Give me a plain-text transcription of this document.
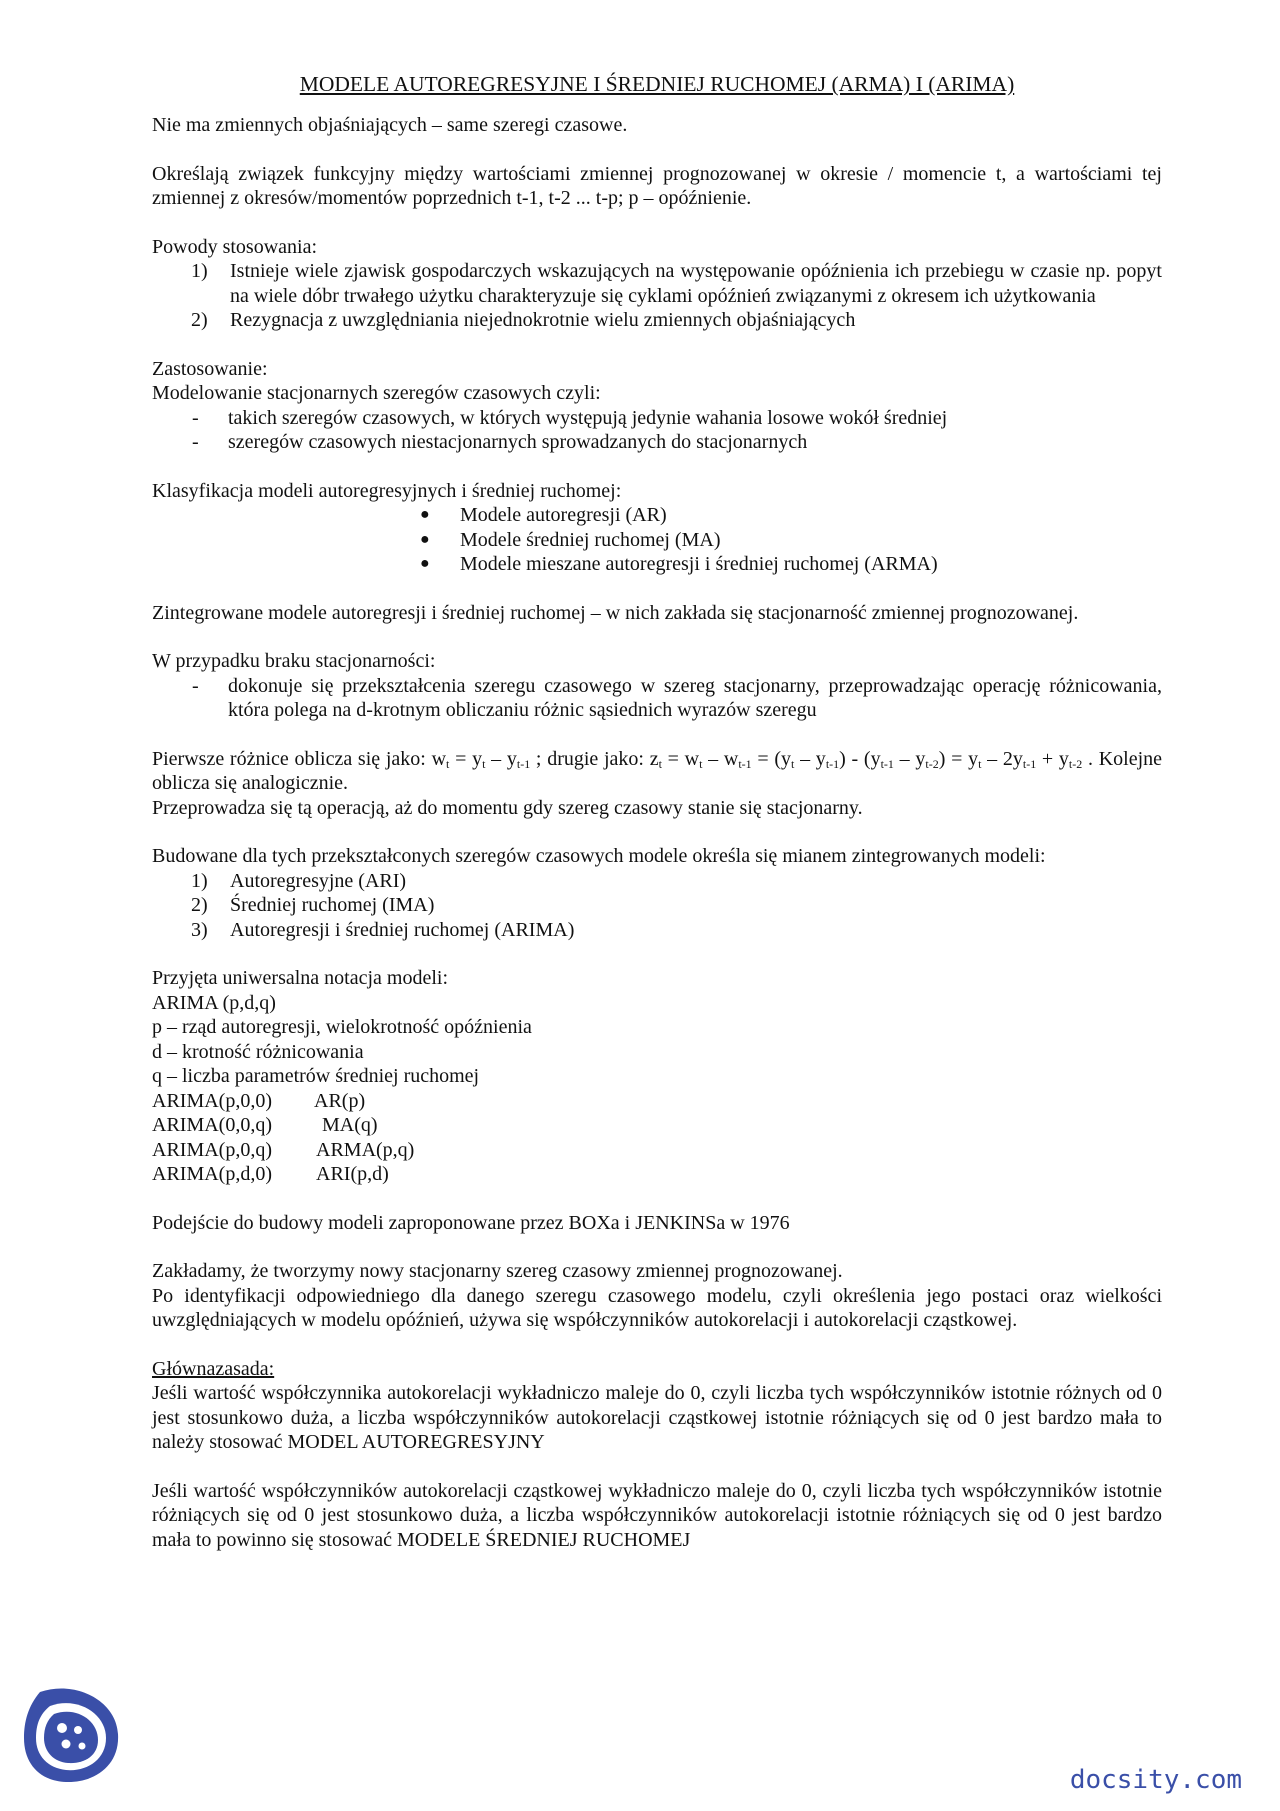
MODELE AUTOREGRESYJNE I ŚREDNIEJ RUCHOMEJ (ARMA) I (ARIMA)

Nie ma zmiennych objaśniających – same szeregi czasowe.

Określają związek funkcyjny między wartościami zmiennej prognozowanej w okresie / momencie t, a wartościami tej zmiennej z okresów/momentów poprzednich t-1, t-2 ... t-p; p – opóźnienie.

Powody stosowania:

1) Istnieje wiele zjawisk gospodarczych wskazujących na występowanie opóźnienia ich przebiegu w czasie np. popyt na wiele dóbr trwałego użytku charakteryzuje się cyklami opóźnień związanymi z okresem ich użytkowania
2) Rezygnacja z uwzględniania niejednokrotnie wielu zmiennych objaśniających

Zastosowanie:

Modelowanie stacjonarnych szeregów czasowych czyli:

- takich szeregów czasowych, w których występują jedynie wahania losowe wokół średniej
- szeregów czasowych niestacjonarnych sprowadzanych do stacjonarnych

Klasyfikacja modeli autoregresyjnych i średniej ruchomej:

● Modele autoregresji (AR)
● Modele średniej ruchomej (MA)
● Modele mieszane autoregresji i średniej ruchomej (ARMA)

Zintegrowane modele autoregresji i średniej ruchomej – w nich zakłada się stacjonarność zmiennej prognozowanej.

W przypadku braku stacjonarności:

- dokonuje się przekształcenia szeregu czasowego w szereg stacjonarny, przeprowadzając operację różnicowania, która polega na d-krotnym obliczaniu różnic sąsiednich wyrazów szeregu

Pierwsze różnice oblicza się jako: $w_t = y_t - y_{t-1}$ ; drugie jako: $z_t = w_t - w_{t-1} = (y_t - y_{t-1}) - (y_{t-1} - y_{t-2}) = y_t - 2y_{t-1} + y_{t-2}$ . Kolejne oblicza się analogicznie.

Przeprowadza się tą operacją, aż do momentu gdy szereg czasowy stanie się stacjonarny.

Budowane dla tych przekształconych szeregów czasowych modele określa się mianem zintegrowanych modeli:

1) Autoregresyjne (ARI)
2) Średniej ruchomej (IMA)
3) Autoregresji i średniej ruchomej (ARIMA)

Przyjęta uniwersalna notacja modeli:

ARIMA (p,d,q)

p – rząd autoregresji, wielokrotność opóźnienia

d – krotność różnicowania

q – liczba parametrów średniej ruchomej

ARIMA(p,0,0)	AR(p)
ARIMA(0,0,q)	MA(q)
ARIMA(p,0,q)	ARMA(p,q)
ARIMA(p,d,0)	ARI(p,d)

Podejście do budowy modeli zaproponowane przez BOXa i JENKINSa w 1976

Zakładamy, że tworzymy nowy stacjonarny szereg czasowy zmiennej prognozowanej.

Po identyfikacji odpowiedniego dla danego szeregu czasowego modelu, czyli określenia jego postaci oraz wielkości uwzględniających w modelu opóźnień, używa się współczynników autokorelacji i autokorelacji cząstkowej.

Głównazasada:

Jeśli wartość współczynnika autokorelacji wykładniczo maleje do 0, czyli liczba tych współczynników istotnie różnych od 0 jest stosunkowo duża, a liczba współczynników autokorelacji cząstkowej istotnie różniących się od 0 jest bardzo mała to należy stosować MODEL AUTOREGRESYJNY

Jeśli wartość współczynników autokorelacji cząstkowej wykładniczo maleje do 0, czyli liczba tych współczynników istotnie różniących się od 0 jest stosunkowo duża, a liczba współczynników autokorelacji istotnie różniących się od 0 jest bardzo mała to powinno się stosować MODELE ŚREDNIEJ RUCHOMEJ

docsity.com
